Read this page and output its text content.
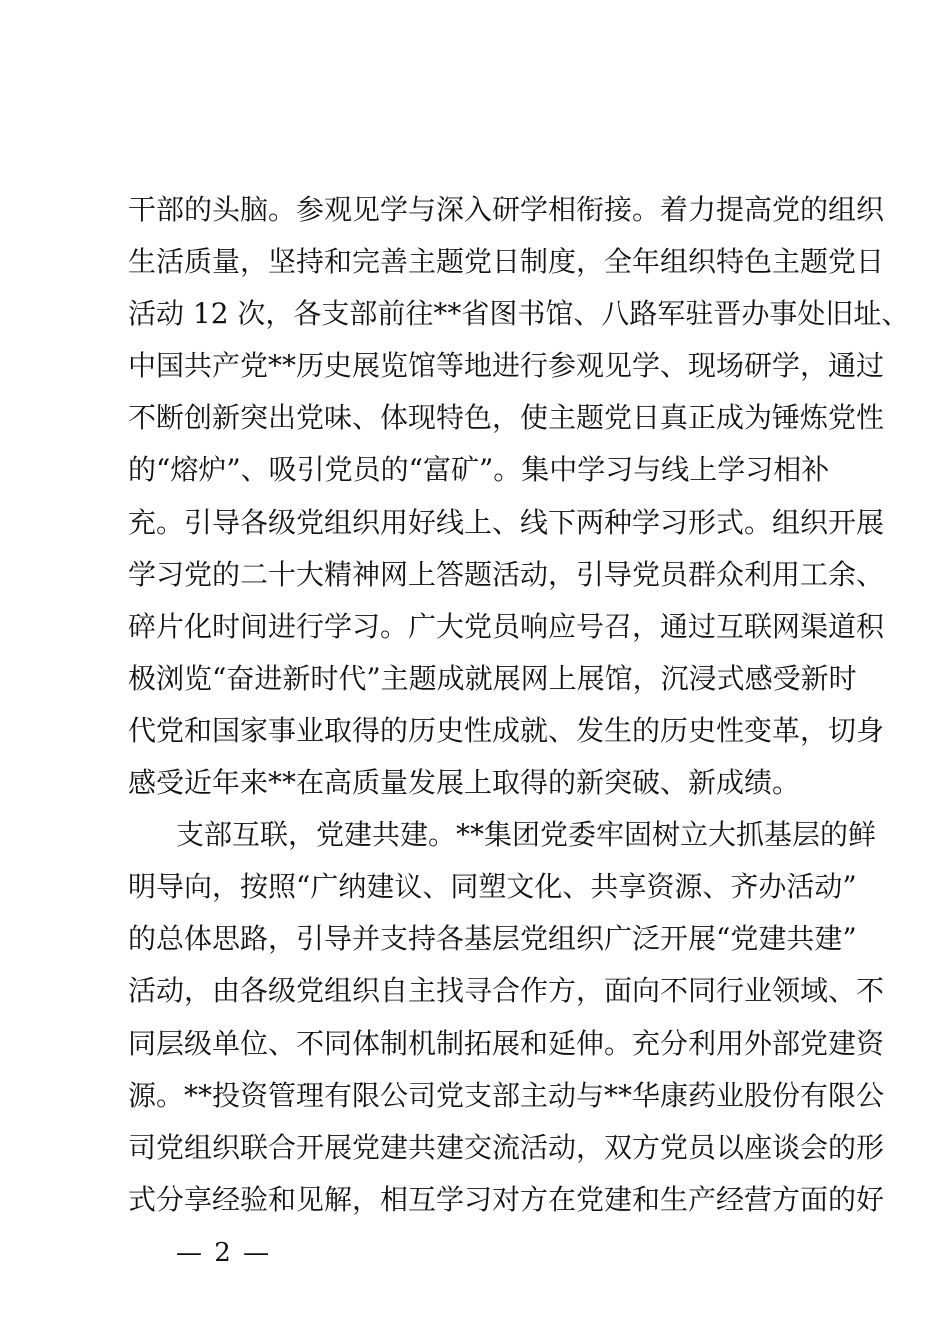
干部的头脑。参观见学与深入研学相衔接。着力提高党的组织
生活质量，坚持和完善主题党日制度，全年组织特色主题党日
活动 12 次，各支部前往**省图书馆、八路军驻晋办事处旧址、
中国共产党**历史展览馆等地进行参观见学、现场研学，通过
不断创新突出党味、体现特色，使主题党日真正成为锤炼党性
的“熔炉”、吸引党员的“富矿”。集中学习与线上学习相补
充。引导各级党组织用好线上、线下两种学习形式。组织开展
学习党的二十大精神网上答题活动，引导党员群众利用工余、
碎片化时间进行学习。广大党员响应号召，通过互联网渠道积
极浏览“奋进新时代”主题成就展网上展馆，沉浸式感受新时
代党和国家事业取得的历史性成就、发生的历史性变革，切身
感受近年来**在高质量发展上取得的新突破、新成绩。
支部互联，党建共建。**集团党委牢固树立大抓基层的鲜
明导向，按照“广纳建议、同塑文化、共享资源、齐办活动”
的总体思路，引导并支持各基层党组织广泛开展“党建共建”
活动，由各级党组织自主找寻合作方，面向不同行业领域、不
同层级单位、不同体制机制拓展和延伸。充分利用外部党建资
源。**投资管理有限公司党支部主动与**华康药业股份有限公
司党组织联合开展党建共建交流活动，双方党员以座谈会的形
式分享经验和见解，相互学习对方在党建和生产经营方面的好
— 2 —
